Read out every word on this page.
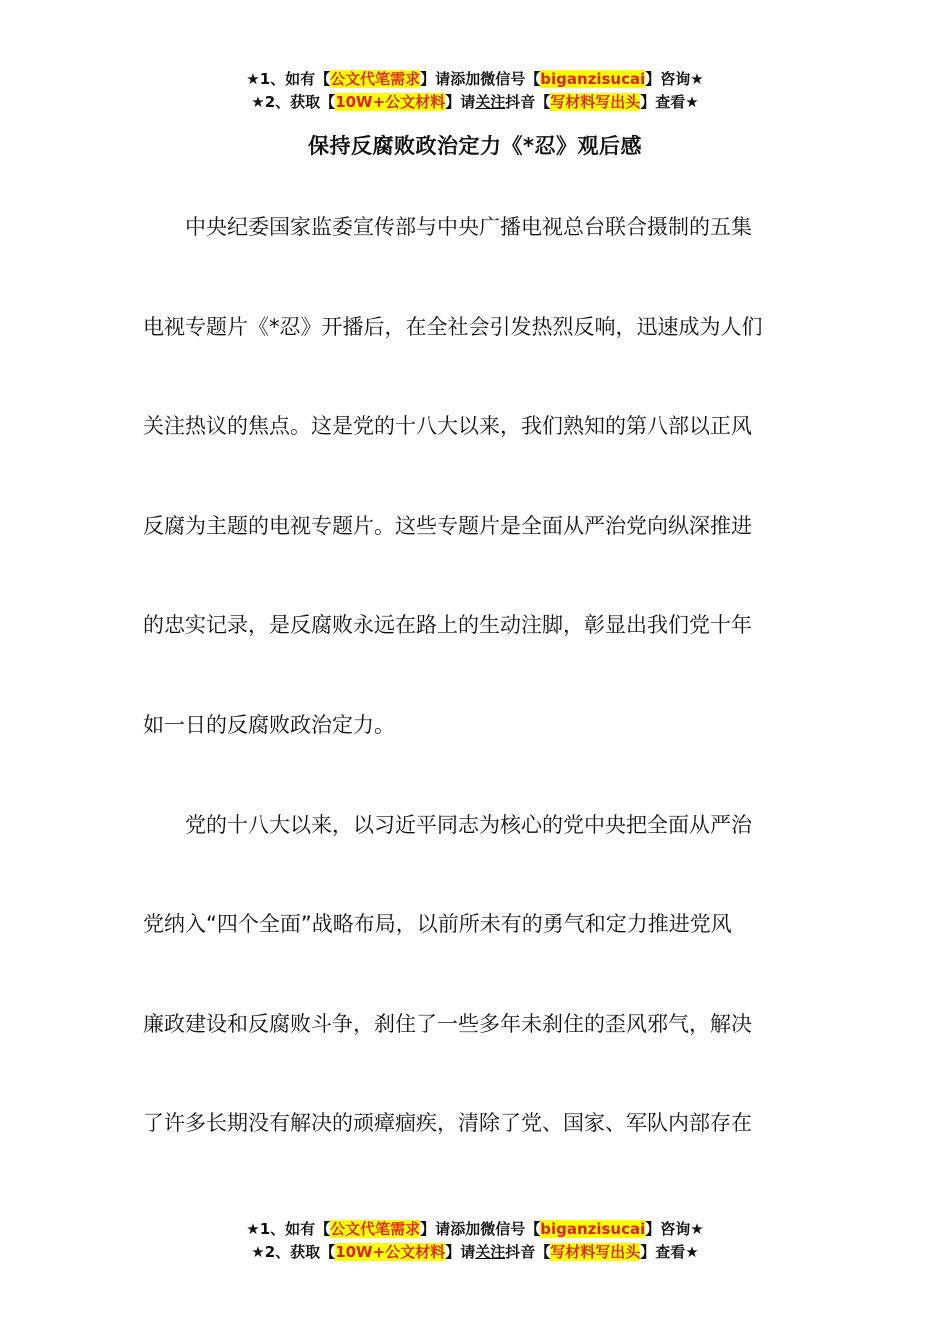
★1、如有【公文代笔需求】请添加微信号【biganzisucai】咨询★
★2、获取【10W+公文材料】请关注抖音【写材料写出头】查看★
保持反腐败政治定力《*忍》观后感
　　中央纪委国家监委宣传部与中央广播电视总台联合摄制的五集
电视专题片《*忍》开播后，在全社会引发热烈反响，迅速成为人们
关注热议的焦点。这是党的十八大以来，我们熟知的第八部以正风
反腐为主题的电视专题片。这些专题片是全面从严治党向纵深推进
的忠实记录，是反腐败永远在路上的生动注脚，彰显出我们党十年
如一日的反腐败政治定力。
　　党的十八大以来，以习近平同志为核心的党中央把全面从严治
党纳入“四个全面”战略布局，以前所未有的勇气和定力推进党风
廉政建设和反腐败斗争，刹住了一些多年未刹住的歪风邪气，解决
了许多长期没有解决的顽瘴痼疾，清除了党、国家、军队内部存在
★1、如有【公文代笔需求】请添加微信号【biganzisucai】咨询★
★2、获取【10W+公文材料】请关注抖音【写材料写出头】查看★
